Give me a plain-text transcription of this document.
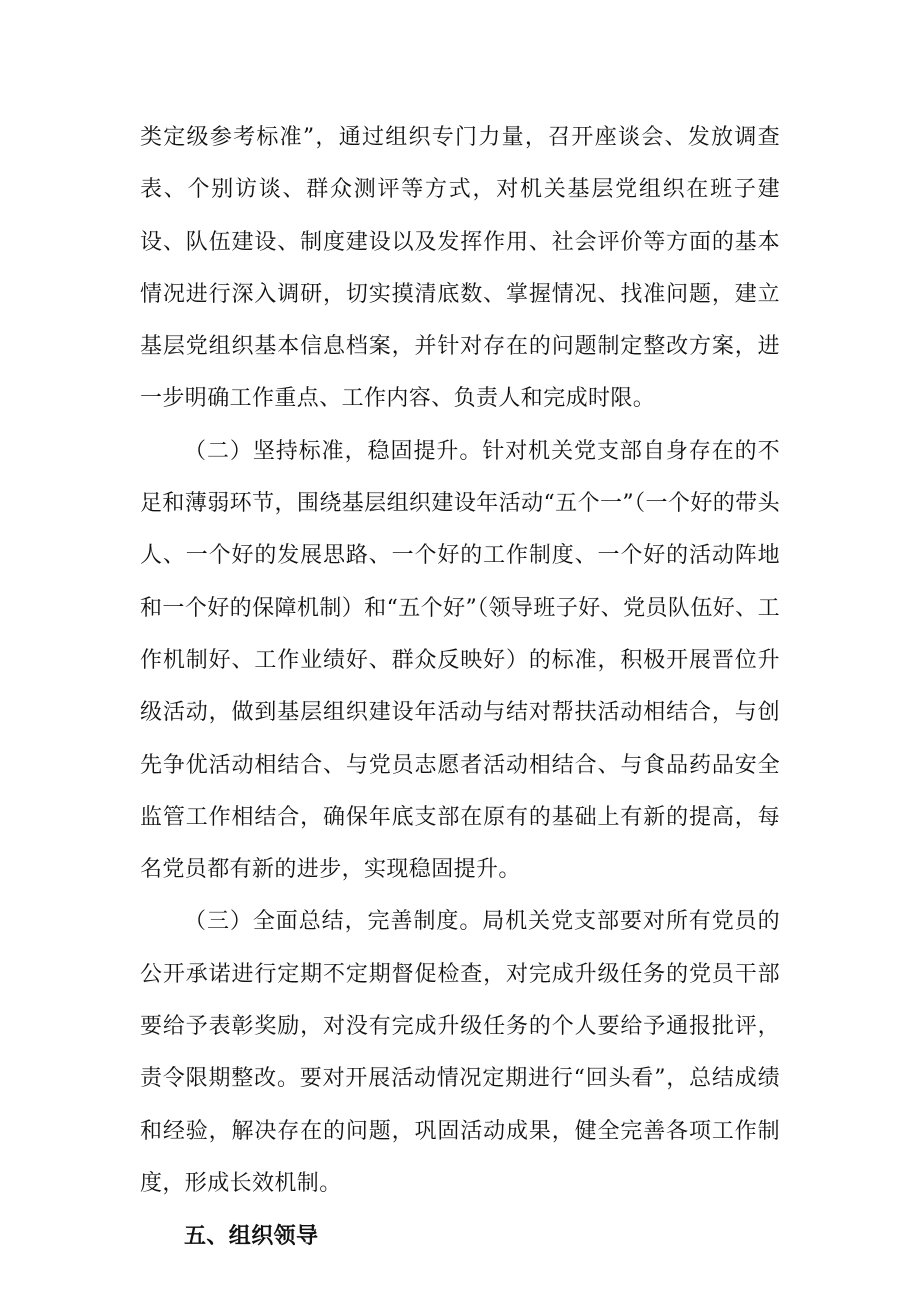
类定级参考标准”，通过组织专门力量，召开座谈会、发放调查表、个别访谈、群众测评等方式，对机关基层党组织在班子建设、队伍建设、制度建设以及发挥作用、社会评价等方面的基本情况进行深入调研，切实摸清底数、掌握情况、找准问题，建立基层党组织基本信息档案，并针对存在的问题制定整改方案，进一步明确工作重点、工作内容、负责人和完成时限。

（二）坚持标准，稳固提升。针对机关党支部自身存在的不足和薄弱环节，围绕基层组织建设年活动“五个一”（一个好的带头人、一个好的发展思路、一个好的工作制度、一个好的活动阵地和一个好的保障机制）和“五个好”（领导班子好、党员队伍好、工作机制好、工作业绩好、群众反映好）的标准，积极开展晋位升级活动，做到基层组织建设年活动与结对帮扶活动相结合，与创先争优活动相结合、与党员志愿者活动相结合、与食品药品安全监管工作相结合，确保年底支部在原有的基础上有新的提高，每名党员都有新的进步，实现稳固提升。

（三）全面总结，完善制度。局机关党支部要对所有党员的公开承诺进行定期不定期督促检查，对完成升级任务的党员干部要给予表彰奖励，对没有完成升级任务的个人要给予通报批评，责令限期整改。要对开展活动情况定期进行“回头看”，总结成绩和经验，解决存在的问题，巩固活动成果，健全完善各项工作制度，形成长效机制。

五、组织领导
